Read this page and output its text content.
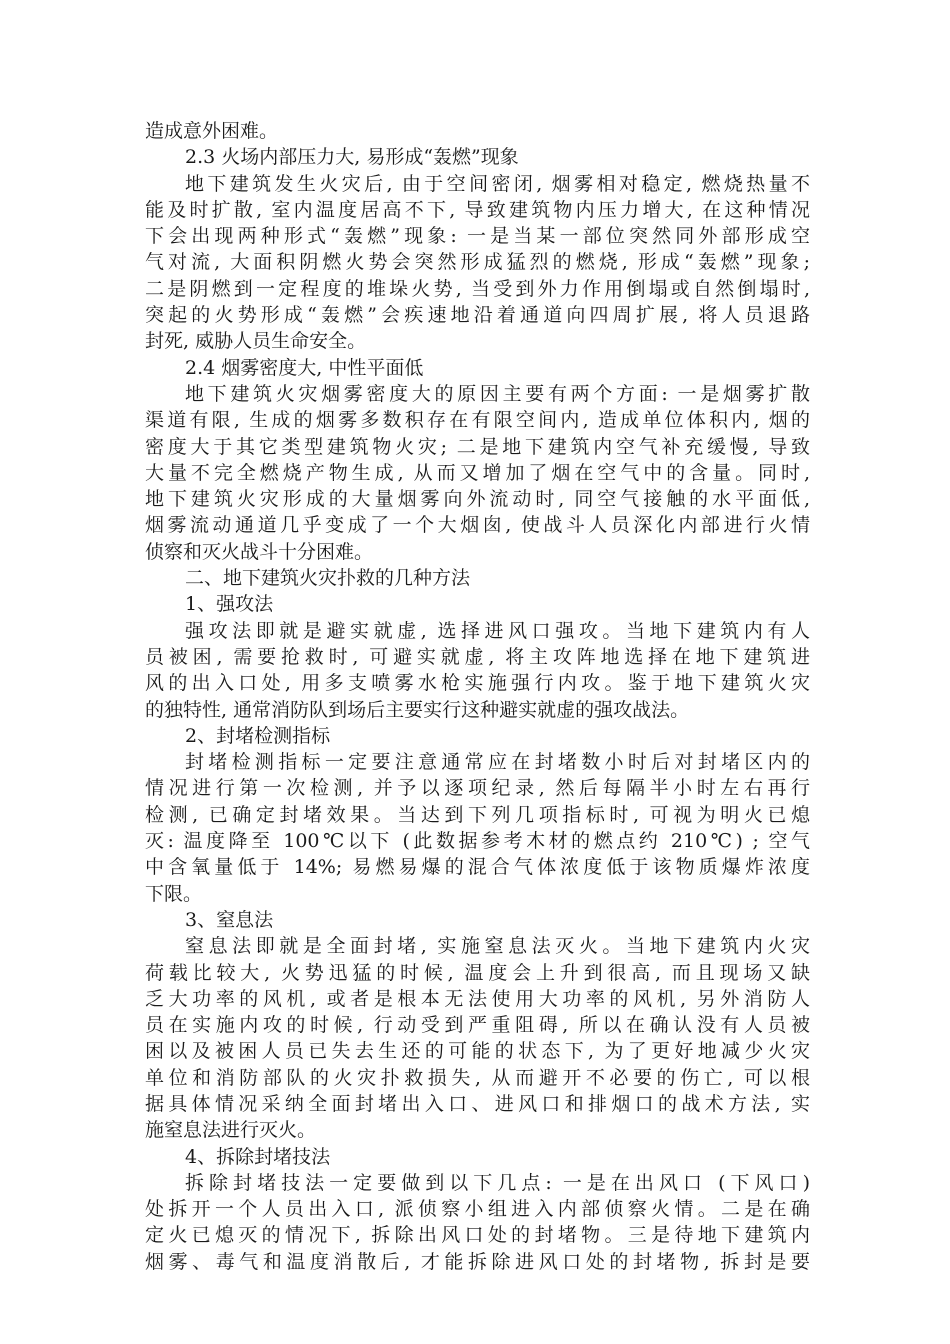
造成意外困难。
2.3 火场内部压力大, 易形成“轰燃”现象
地下建筑发生火灾后, 由于空间密闭, 烟雾相对稳定, 燃烧热量不
能及时扩散, 室内温度居高不下, 导致建筑物内压力增大, 在这种情况
下会出现两种形式“轰燃”现象: 一是当某一部位突然同外部形成空
气对流, 大面积阴燃火势会突然形成猛烈的燃烧, 形成“轰燃”现象;
二是阴燃到一定程度的堆垛火势, 当受到外力作用倒塌或自然倒塌时,
突起的火势形成“轰燃”会疾速地沿着通道向四周扩展, 将人员退路
封死, 威胁人员生命安全。
2.4 烟雾密度大, 中性平面低
地下建筑火灾烟雾密度大的原因主要有两个方面: 一是烟雾扩散
渠道有限, 生成的烟雾多数积存在有限空间内, 造成单位体积内, 烟的
密度大于其它类型建筑物火灾; 二是地下建筑内空气补充缓慢, 导致
大量不完全燃烧产物生成, 从而又增加了烟在空气中的含量。同时,
地下建筑火灾形成的大量烟雾向外流动时, 同空气接触的水平面低,
烟雾流动通道几乎变成了一个大烟囱, 使战斗人员深化内部进行火情
侦察和灭火战斗十分困难。
二、地下建筑火灾扑救的几种方法
1、强攻法
强攻法即就是避实就虚, 选择进风口强攻。当地下建筑内有人
员被困, 需要抢救时, 可避实就虚, 将主攻阵地选择在地下建筑进
风的出入口处, 用多支喷雾水枪实施强行内攻。鉴于地下建筑火灾
的独特性, 通常消防队到场后主要实行这种避实就虚的强攻战法。
2、封堵检测指标
封堵检测指标一定要注意通常应在封堵数小时后对封堵区内的
情况进行第一次检测, 并予以逐项纪录, 然后每隔半小时左右再行
检测, 已确定封堵效果。当达到下列几项指标时, 可视为明火已熄
灭: 温度降至 100℃以下 (此数据参考木材的燃点约 210℃) ; 空气
中含氧量低于 14%; 易燃易爆的混合气体浓度低于该物质爆炸浓度
下限。
3、窒息法
窒息法即就是全面封堵, 实施窒息法灭火。当地下建筑内火灾
荷载比较大, 火势迅猛的时候, 温度会上升到很高, 而且现场又缺
乏大功率的风机, 或者是根本无法使用大功率的风机, 另外消防人
员在实施内攻的时候, 行动受到严重阻碍, 所以在确认没有人员被
困以及被困人员已失去生还的可能的状态下, 为了更好地减少火灾
单位和消防部队的火灾扑救损失, 从而避开不必要的伤亡, 可以根
据具体情况采纳全面封堵出入口、进风口和排烟口的战术方法, 实
施窒息法进行灭火。
4、拆除封堵技法
拆除封堵技法一定要做到以下几点: 一是在出风口 (下风口)
处拆开一个人员出入口, 派侦察小组进入内部侦察火情。二是在确
定火已熄灭的情况下, 拆除出风口处的封堵物。三是待地下建筑内
烟雾、毒气和温度消散后, 才能拆除进风口处的封堵物, 拆封是要
